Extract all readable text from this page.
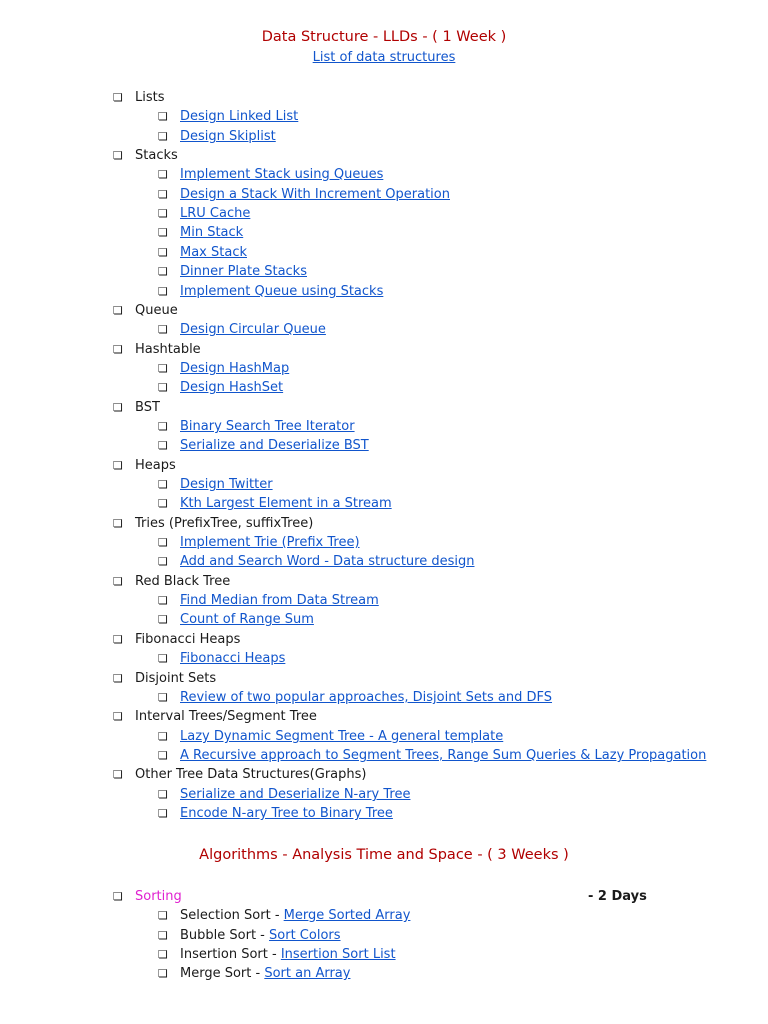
Data Structure - LLDs - ( 1 Week )
List of data structures
❏ Lists
❏ Design Linked List
❏ Design Skiplist
❏ Stacks
❏ Implement Stack using Queues
❏ Design a Stack With Increment Operation
❏ LRU Cache
❏ Min Stack
❏ Max Stack
❏ Dinner Plate Stacks
❏ Implement Queue using Stacks
❏ Queue
❏ Design Circular Queue
❏ Hashtable
❏ Design HashMap
❏ Design HashSet
❏ BST
❏ Binary Search Tree Iterator
❏ Serialize and Deserialize BST
❏ Heaps
❏ Design Twitter
❏ Kth Largest Element in a Stream
❏ Tries (PrefixTree, suffixTree)
❏ Implement Trie (Prefix Tree)
❏ Add and Search Word - Data structure design
❏ Red Black Tree
❏ Find Median from Data Stream
❏ Count of Range Sum
❏ Fibonacci Heaps
❏ Fibonacci Heaps
❏ Disjoint Sets
❏ Review of two popular approaches, Disjoint Sets and DFS
❏ Interval Trees/Segment Tree
❏ Lazy Dynamic Segment Tree - A general template
❏ A Recursive approach to Segment Trees, Range Sum Queries & Lazy Propagation
❏ Other Tree Data Structures(Graphs)
❏ Serialize and Deserialize N-ary Tree
❏ Encode N-ary Tree to Binary Tree
Algorithms - Analysis Time and Space - ( 3 Weeks )
❏ Sorting	- 2 Days
❏ Selection Sort - Merge Sorted Array
❏ Bubble Sort - Sort Colors
❏ Insertion Sort - Insertion Sort List
❏ Merge Sort - Sort an Array
